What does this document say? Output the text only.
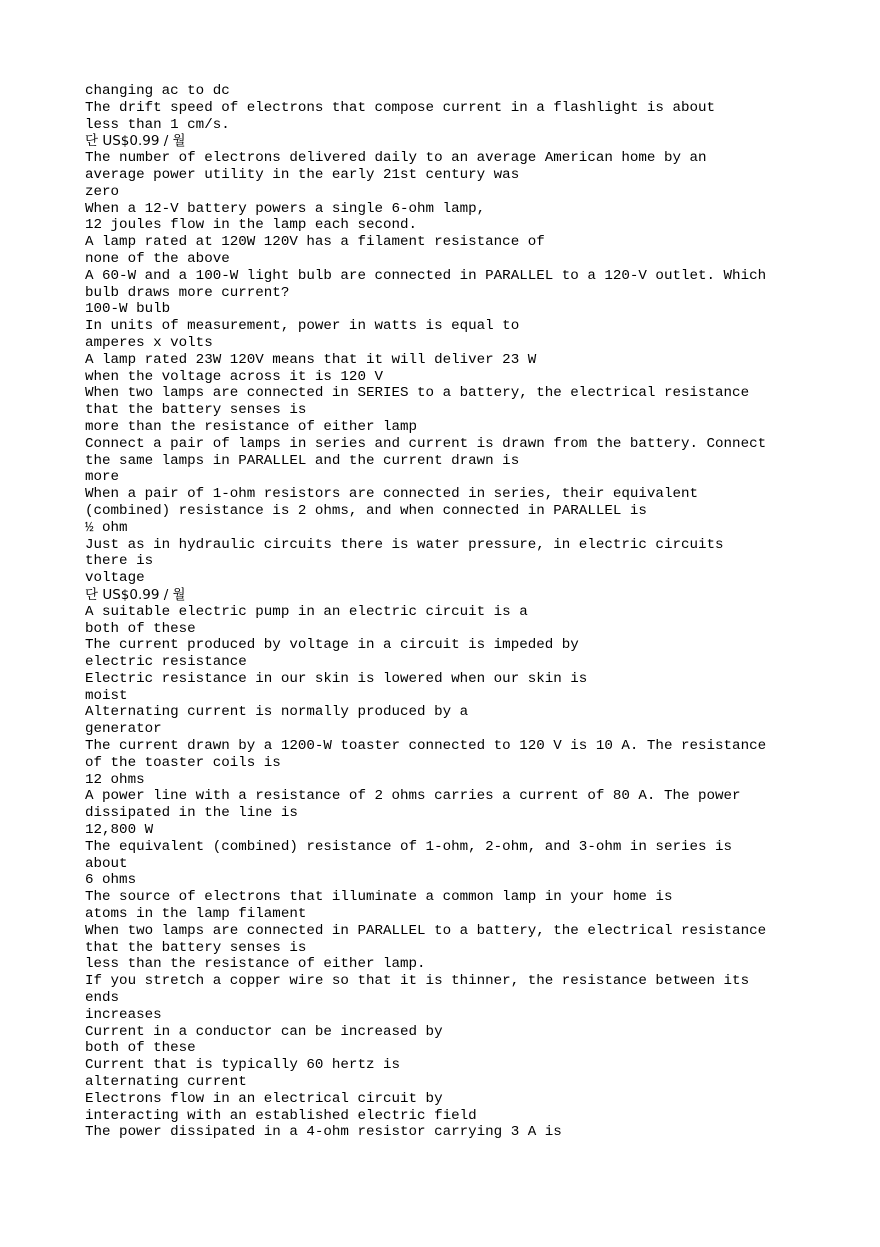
changing ac to dc

The drift speed of electrons that compose current in a flashlight is about

less than 1 cm/s.

단 US$0.99 / 월

The number of electrons delivered daily to an average American home by an

average power utility in the early 21st century was

zero

When a 12-V battery powers a single 6-ohm lamp,

12 joules flow in the lamp each second.

A lamp rated at 120W 120V has a filament resistance of

none of the above

A 60-W and a 100-W light bulb are connected in PARALLEL to a 120-V outlet. Which

bulb draws more current?

100-W bulb

In units of measurement, power in watts is equal to

amperes x volts

A lamp rated 23W 120V means that it will deliver 23 W

when the voltage across it is 120 V

When two lamps are connected in SERIES to a battery, the electrical resistance

that the battery senses is

more than the resistance of either lamp

Connect a pair of lamps in series and current is drawn from the battery. Connect

the same lamps in PARALLEL and the current drawn is

more

When a pair of 1-ohm resistors are connected in series, their equivalent

(combined) resistance is 2 ohms, and when connected in PARALLEL is

½ ohm

Just as in hydraulic circuits there is water pressure, in electric circuits

there is

voltage

단 US$0.99 / 월

A suitable electric pump in an electric circuit is a

both of these

The current produced by voltage in a circuit is impeded by

electric resistance

Electric resistance in our skin is lowered when our skin is

moist

Alternating current is normally produced by a

generator

The current drawn by a 1200-W toaster connected to 120 V is 10 A. The resistance

of the toaster coils is

12 ohms

A power line with a resistance of 2 ohms carries a current of 80 A. The power

dissipated in the line is

12,800 W

The equivalent (combined) resistance of 1-ohm, 2-ohm, and 3-ohm in series is

about

6 ohms

The source of electrons that illuminate a common lamp in your home is

atoms in the lamp filament

When two lamps are connected in PARALLEL to a battery, the electrical resistance

that the battery senses is

less than the resistance of either lamp.

If you stretch a copper wire so that it is thinner, the resistance between its

ends

increases

Current in a conductor can be increased by

both of these

Current that is typically 60 hertz is

alternating current

Electrons flow in an electrical circuit by

interacting with an established electric field

The power dissipated in a 4-ohm resistor carrying 3 A is
